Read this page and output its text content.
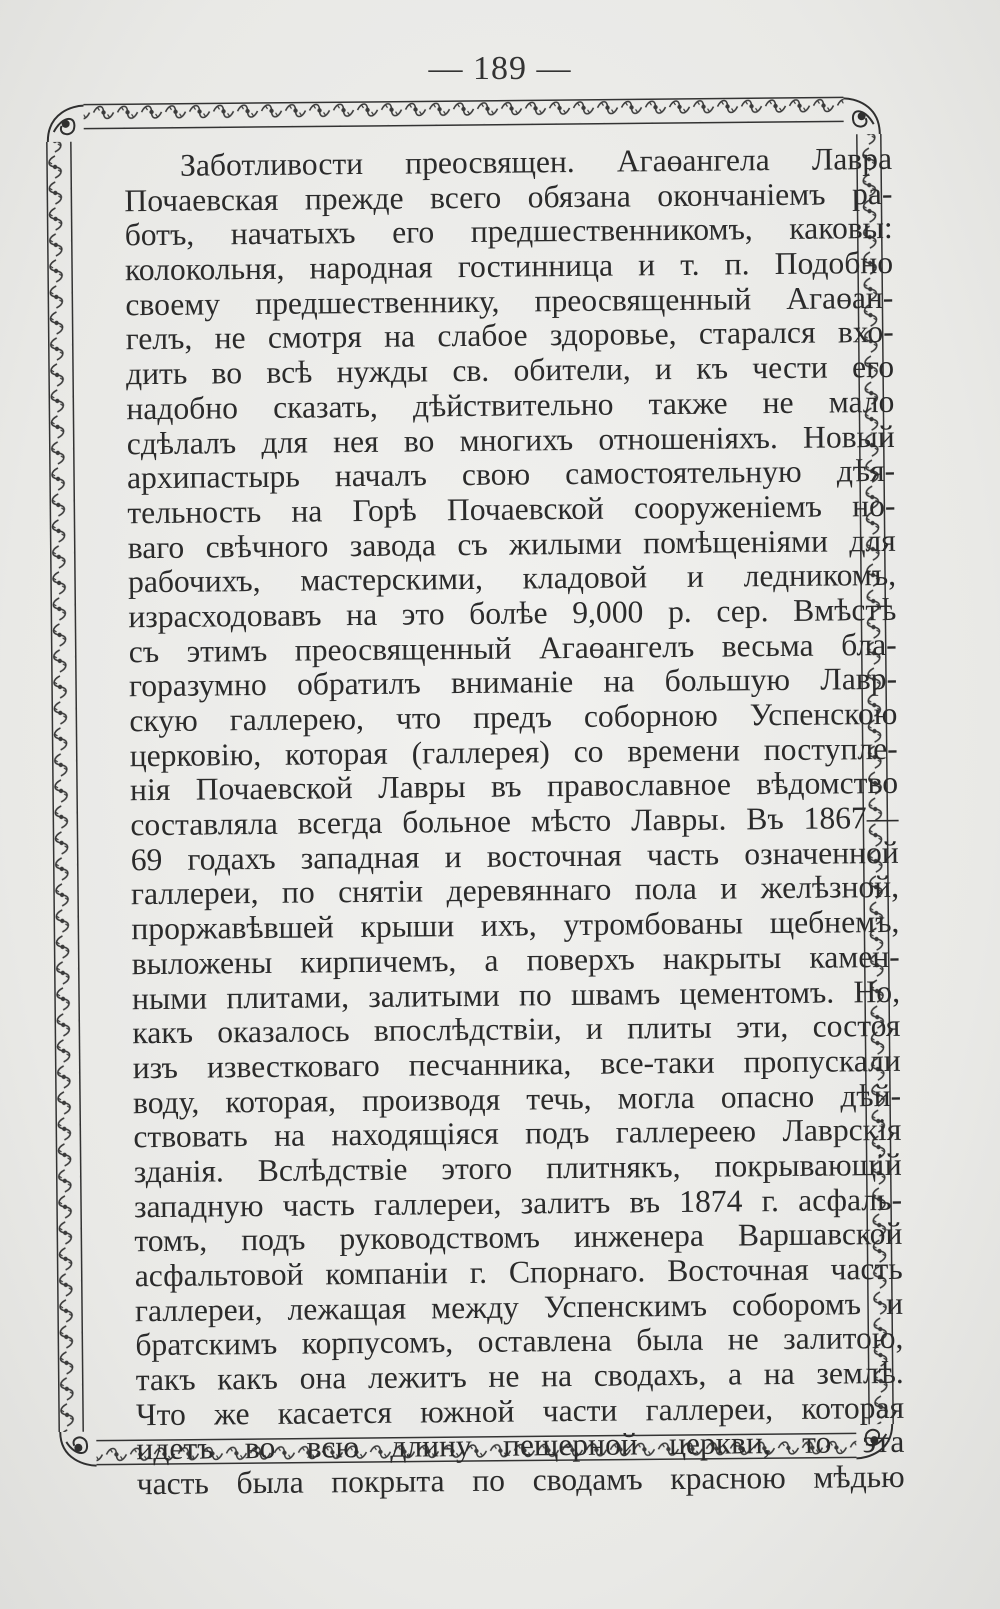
— 189 —
Заботливости преосвящен. Агаөангела Лавра
Почаевская прежде всего обязана окончаніемъ ра-
ботъ, начатыхъ его предшественникомъ, каковы:
колокольня, народная гостинница и т. п. Подобно
своему предшественнику, преосвященный Агаөан-
гелъ, не смотря на слабое здоровье, старался вхо-
дить во всѣ нужды св. обители, и къ чести его
надобно сказать, дѣйствительно также не мало
сдѣлалъ для нея во многихъ отношеніяхъ. Новый
архипастырь началъ свою самостоятельную дѣя-
тельность на Горѣ Почаевской сооруженіемъ но-
ваго свѣчного завода съ жилыми помѣщеніями для
рабочихъ, мастерскими, кладовой и ледникомъ,
израсходовавъ на это болѣе 9,000 р. сер. Вмѣстѣ
съ этимъ преосвященный Агаөангелъ весьма бла-
горазумно обратилъ вниманіе на большую Лавр-
скую галлерею, что предъ соборною Успенскою
церковію, которая (галлерея) со времени поступле-
нія Почаевской Лавры въ православное вѣдомство
составляла всегда больное мѣсто Лавры. Въ 1867—
69 годахъ западная и восточная часть означенной
галлереи, по снятіи деревяннаго пола и желѣзной,
проржавѣвшей крыши ихъ, утромбованы щебнемъ,
выложены кирпичемъ, а поверхъ накрыты камен-
ными плитами, залитыми по швамъ цементомъ. Но,
какъ оказалось впослѣдствіи, и плиты эти, состоя
изъ известковаго песчанника, все-таки пропускали
воду, которая, производя течь, могла опасно дѣй-
ствовать на находящіяся подъ галлереею Лаврскія
зданія. Вслѣдствіе этого плитнякъ, покрывающій
западную часть галлереи, залитъ въ 1874 г. асфаль-
томъ, подъ руководствомъ инженера Варшавской
асфальтовой компаніи г. Спорнаго. Восточная часть
галлереи, лежащая между Успенскимъ соборомъ и
братскимъ корпусомъ, оставлена была не залитою,
такъ какъ она лежитъ не на сводахъ, а на землѣ.
Что же касается южной части галлереи, которая
идетъ во всю длину пещерной церкви, то эта
часть была покрыта по сводамъ красною мѣдью
